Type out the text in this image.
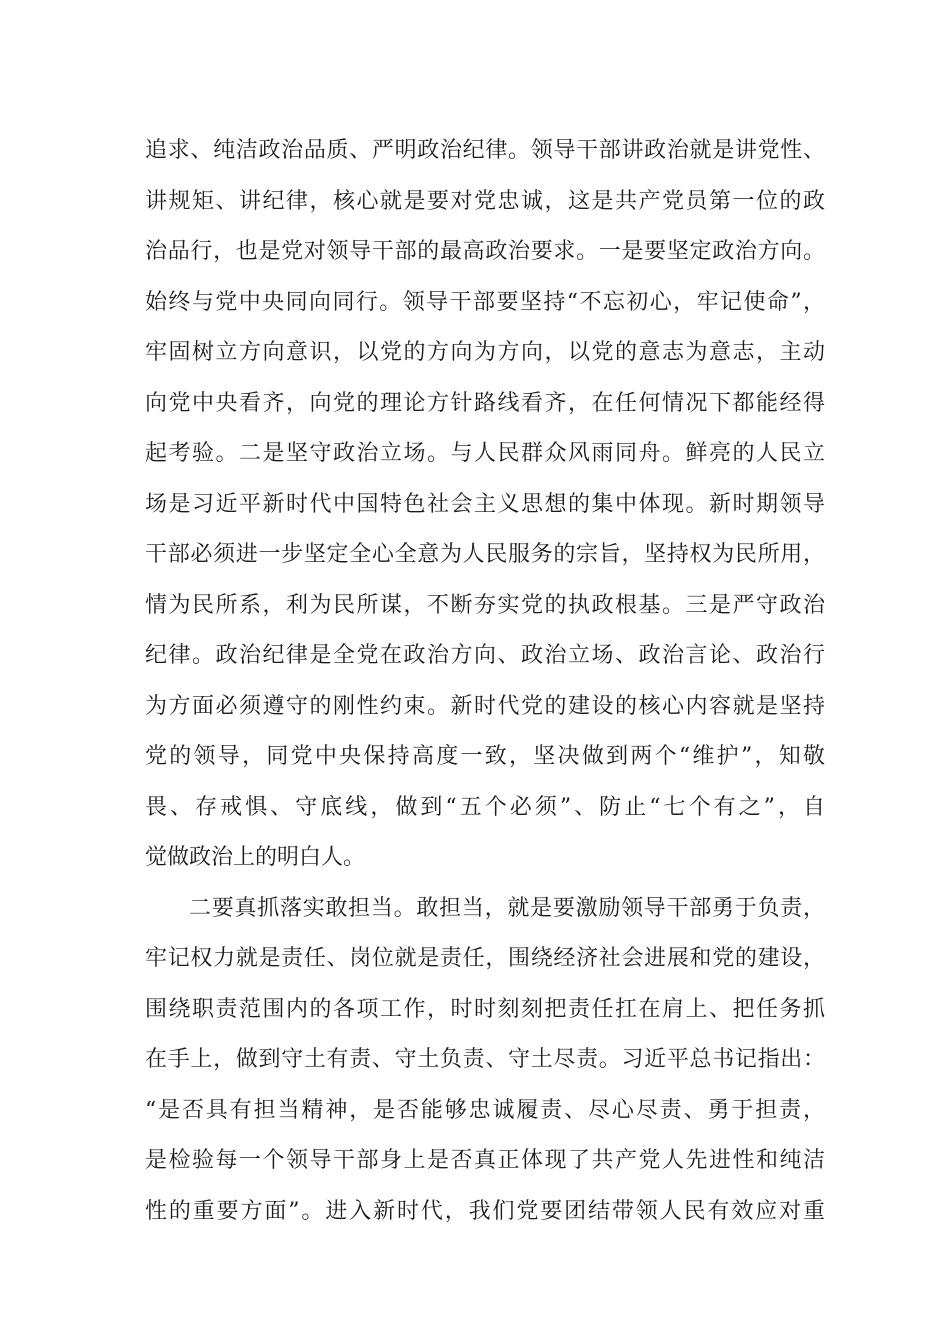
追求、纯洁政治品质、严明政治纪律。领导干部讲政治就是讲党性、
讲规矩、讲纪律，核心就是要对党忠诚，这是共产党员第一位的政
治品行，也是党对领导干部的最高政治要求。一是要坚定政治方向。
始终与党中央同向同行。领导干部要坚持“不忘初心，牢记使命”，
牢固树立方向意识，以党的方向为方向，以党的意志为意志，主动
向党中央看齐，向党的理论方针路线看齐，在任何情况下都能经得
起考验。二是坚守政治立场。与人民群众风雨同舟。鲜亮的人民立
场是习近平新时代中国特色社会主义思想的集中体现。新时期领导
干部必须进一步坚定全心全意为人民服务的宗旨，坚持权为民所用，
情为民所系，利为民所谋，不断夯实党的执政根基。三是严守政治
纪律。政治纪律是全党在政治方向、政治立场、政治言论、政治行
为方面必须遵守的刚性约束。新时代党的建设的核心内容就是坚持
党的领导，同党中央保持高度一致，坚决做到两个“维护”，知敬
畏、存戒惧、守底线，做到“五个必须”、防止“七个有之”，自
觉做政治上的明白人。
二要真抓落实敢担当。敢担当，就是要激励领导干部勇于负责，
牢记权力就是责任、岗位就是责任，围绕经济社会进展和党的建设，
围绕职责范围内的各项工作，时时刻刻把责任扛在肩上、把任务抓
在手上，做到守土有责、守土负责、守土尽责。习近平总书记指出：
“是否具有担当精神，是否能够忠诚履责、尽心尽责、勇于担责，
是检验每一个领导干部身上是否真正体现了共产党人先进性和纯洁
性的重要方面”。进入新时代，我们党要团结带领人民有效应对重
